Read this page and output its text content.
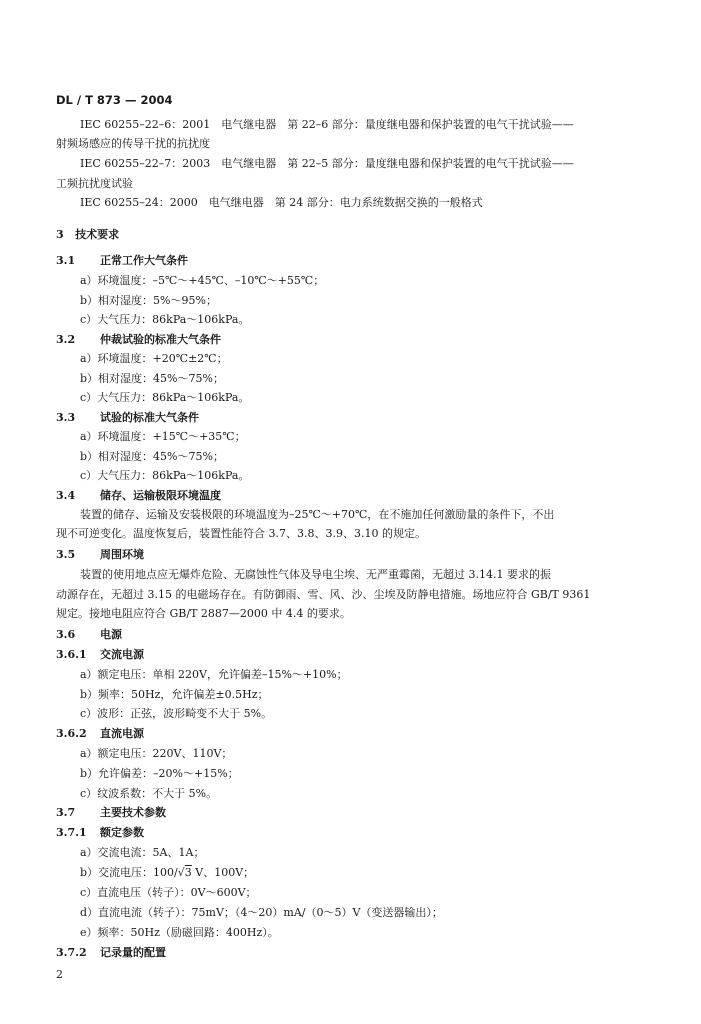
DL / T 873 — 2004
IEC 60255–22–6：2001　电气继电器　第 22–6 部分：量度继电器和保护装置的电气干扰试验——
射频场感应的传导干扰的抗扰度
IEC 60255–22–7：2003　电气继电器　第 22–5 部分：量度继电器和保护装置的电气干扰试验——
工频抗扰度试验
IEC 60255–24：2000　电气继电器　第 24 部分：电力系统数据交换的一般格式
3 技术要求
3.1 正常工作大气条件
a）环境温度：–5℃～+45℃、–10℃～+55℃；
b）相对湿度：5%～95%；
c）大气压力：86kPa～106kPa。
3.2 仲裁试验的标准大气条件
a）环境温度：+20℃±2℃；
b）相对湿度：45%～75%；
c）大气压力：86kPa～106kPa。
3.3 试验的标准大气条件
a）环境温度：+15℃～+35℃；
b）相对湿度：45%～75%；
c）大气压力：86kPa～106kPa。
3.4 储存、运输极限环境温度
装置的储存、运输及安装极限的环境温度为–25℃～+70℃，在不施加任何激励量的条件下，不出
现不可逆变化。温度恢复后，装置性能符合 3.7、3.8、3.9、3.10 的规定。
3.5 周围环境
装置的使用地点应无爆炸危险、无腐蚀性气体及导电尘埃、无严重霉菌，无超过 3.14.1 要求的振
动源存在，无超过 3.15 的电磁场存在。有防御雨、雪、风、沙、尘埃及防静电措施。场地应符合 GB/T 9361
规定。接地电阻应符合 GB/T 2887—2000 中 4.4 的要求。
3.6 电源
3.6.1 交流电源
a）额定电压：单相 220V，允许偏差–15%～+10%；
b）频率：50Hz，允许偏差±0.5Hz；
c）波形：正弦，波形畸变不大于 5%。
3.6.2 直流电源
a）额定电压：220V、110V；
b）允许偏差：–20%～+15%；
c）纹波系数：不大于 5%。
3.7 主要技术参数
3.7.1 额定参数
a）交流电流：5A、1A；
b）交流电压：100/√3 V、100V；
c）直流电压（转子）：0V～600V；
d）直流电流（转子）：75mV；（4～20）mA/（0～5）V（变送器输出）；
e）频率：50Hz（励磁回路：400Hz）。
3.7.2 记录量的配置
2
